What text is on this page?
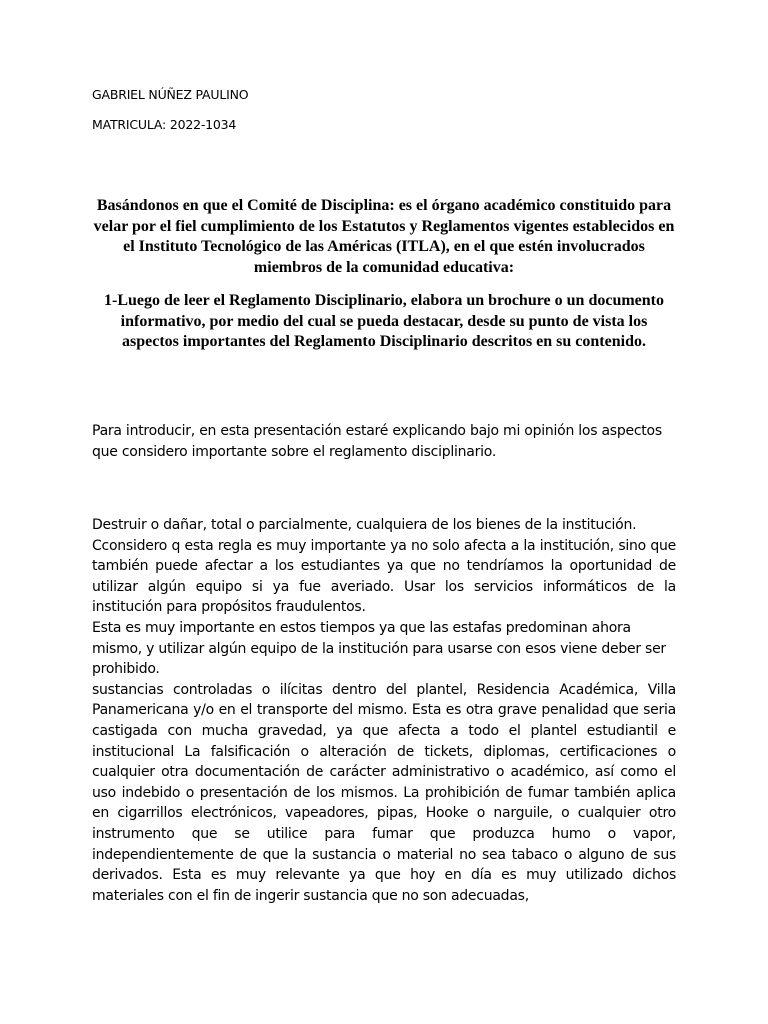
GABRIEL NÚÑEZ PAULINO
MATRICULA: 2022-1034

Basándonos en que el Comité de Disciplina: es el órgano académico constituido para velar por el fiel cumplimiento de los Estatutos y Reglamentos vigentes establecidos en el Instituto Tecnológico de las Américas (ITLA), en el que estén involucrados miembros de la comunidad educativa:

1-Luego de leer el Reglamento Disciplinario, elabora un brochure o un documento informativo, por medio del cual se pueda destacar, desde su punto de vista los aspectos importantes del Reglamento Disciplinario descritos en su contenido.

Para introducir, en esta presentación estaré explicando bajo mi opinión los aspectos que considero importante sobre el reglamento disciplinario.

Destruir o dañar, total o parcialmente, cualquiera de los bienes de la institución.
Cconsidero q esta regla es muy importante ya no solo afecta a la institución, sino que también puede afectar a los estudiantes ya que no tendríamos la oportunidad de utilizar algún equipo si ya fue averiado. Usar los servicios informáticos de la institución para propósitos fraudulentos.
Esta es muy importante en estos tiempos ya que las estafas predominan ahora mismo, y utilizar algún equipo de la institución para usarse con esos viene deber ser prohibido.
sustancias controladas o ilícitas dentro del plantel, Residencia Académica, Villa Panamericana y/o en el transporte del mismo. Esta es otra grave penalidad que seria castigada con mucha gravedad, ya que afecta a todo el plantel estudiantil e institucional La falsificación o alteración de tickets, diplomas, certificaciones o cualquier otra documentación de carácter administrativo o académico, así como el uso indebido o presentación de los mismos. La prohibición de fumar también aplica en cigarrillos electrónicos, vapeadores, pipas, Hooke o narguile, o cualquier otro instrumento que se utilice para fumar que produzca humo o vapor, independientemente de que la sustancia o material no sea tabaco o alguno de sus derivados. Esta es muy relevante ya que hoy en día es muy utilizado dichos materiales con el fin de ingerir sustancia que no son adecuadas,
